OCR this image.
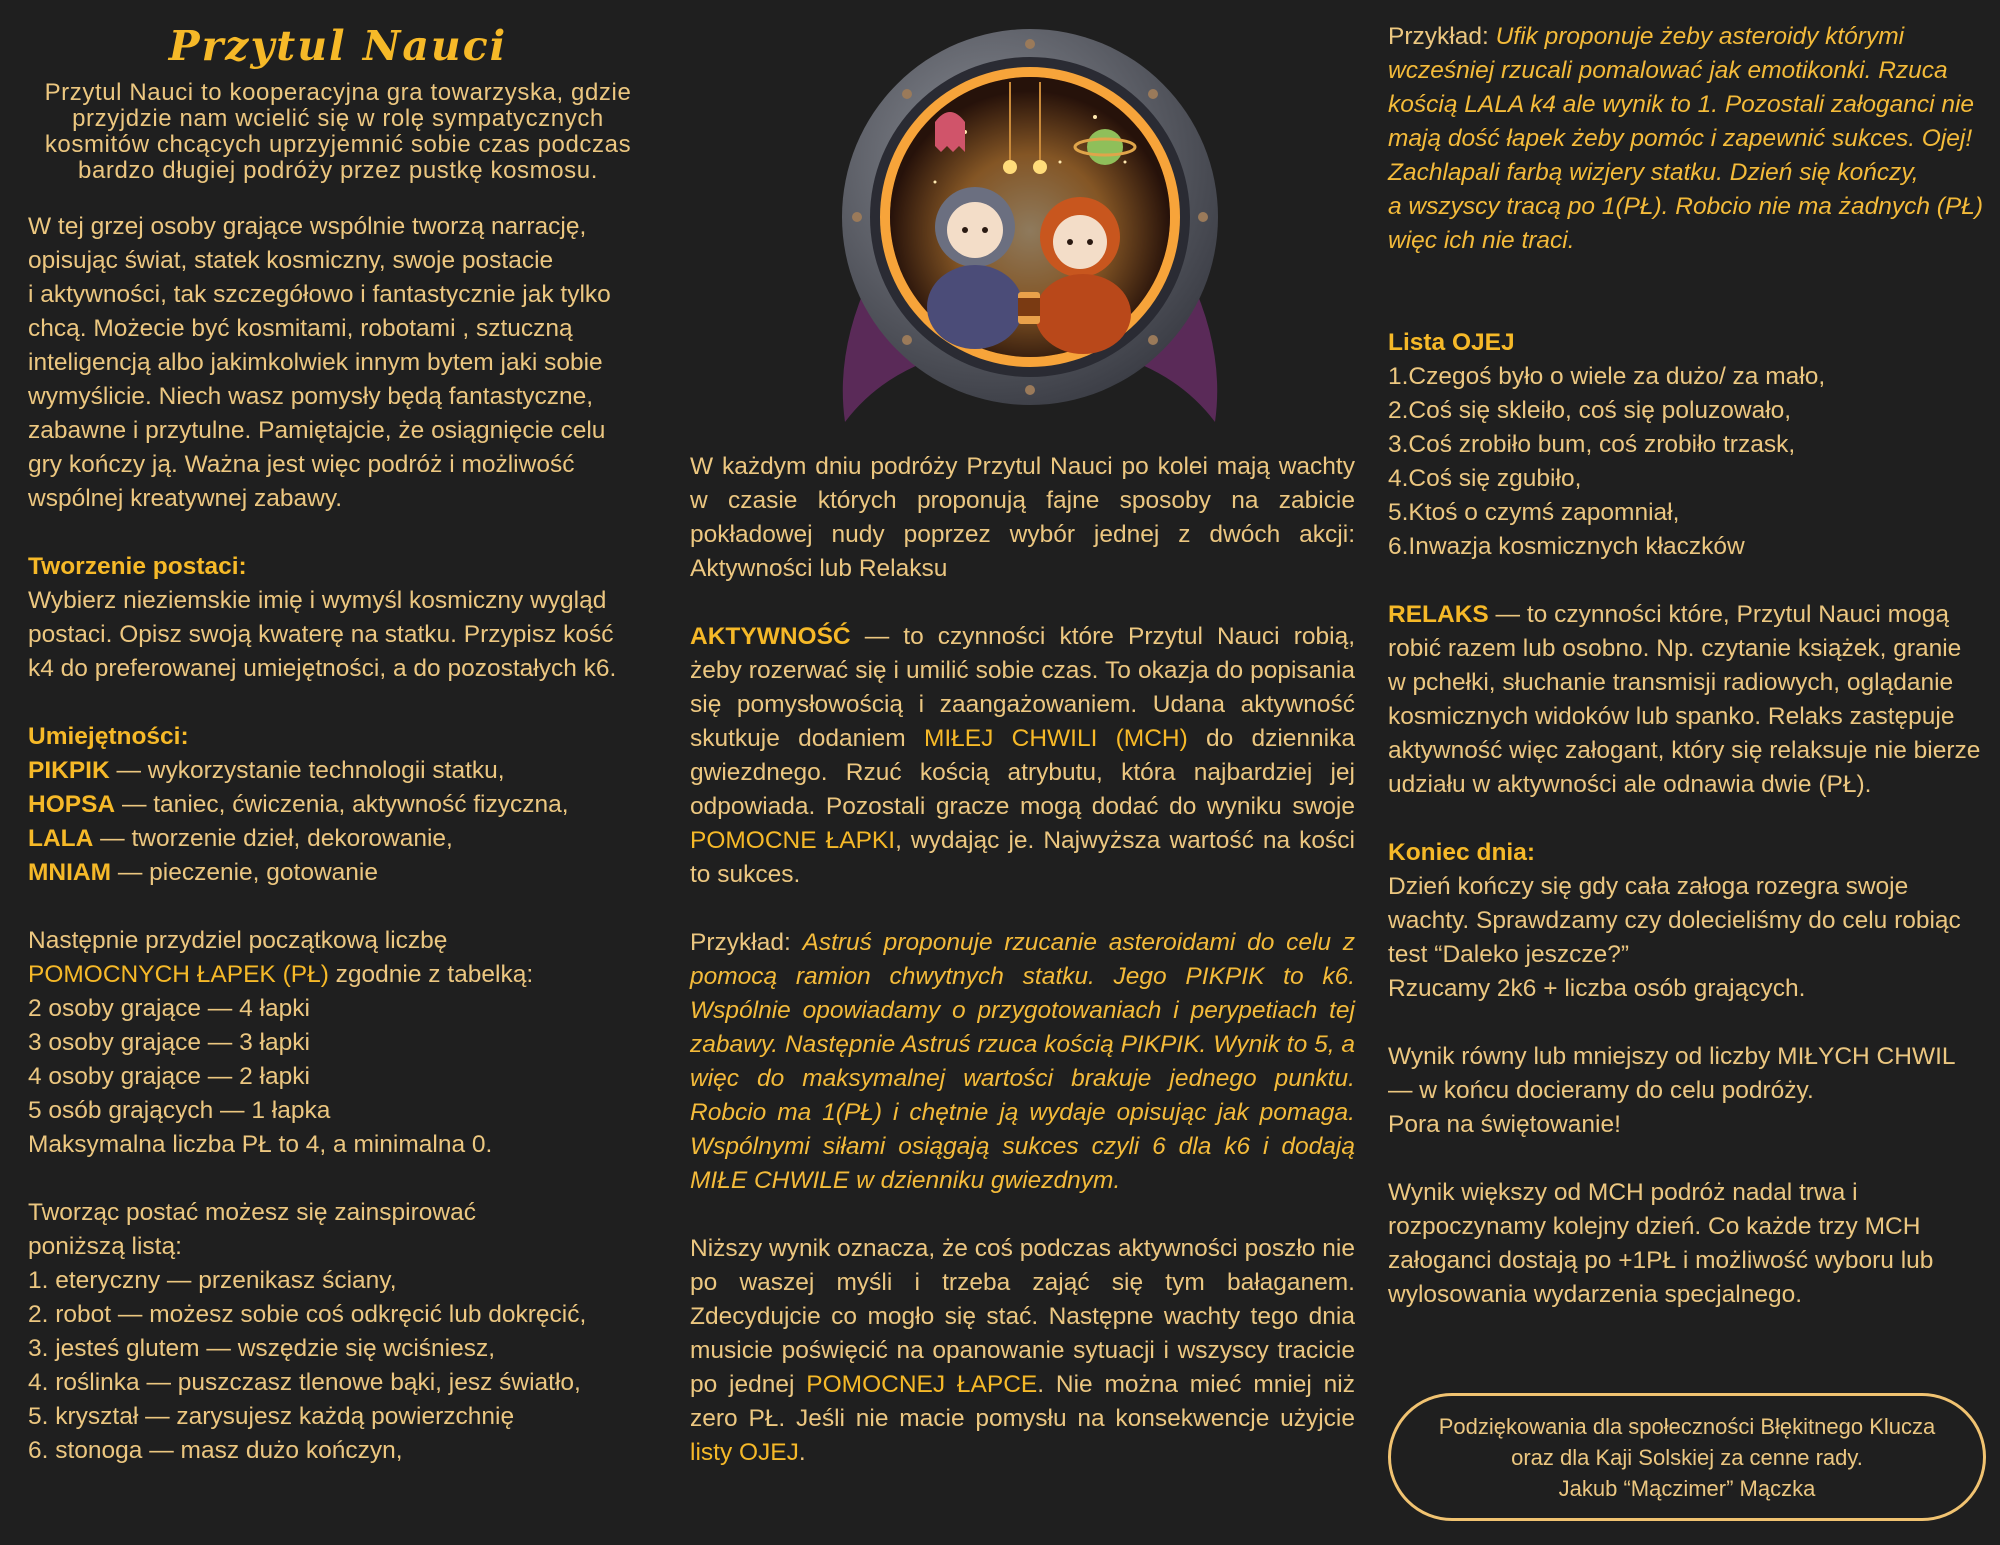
Przytul Nauci
Przytul Nauci to kooperacyjna gra towarzyska, gdzie przyjdzie nam wcielić się w rolę sympatycznych kosmitów chcących uprzyjemnić sobie czas podczas bardzo długiej podróży przez pustkę kosmosu.

W tej grzej osoby grające wspólnie tworzą narrację,

opisując świat, statek kosmiczny, swoje postacie

i aktywności, tak szczegółowo i fantastycznie jak tylko

chcą. Możecie być kosmitami, robotami , sztuczną

inteligencją albo jakimkolwiek innym bytem jaki sobie

wymyślicie. Niech wasz pomysły będą fantastyczne,

zabawne i przytulne. Pamiętajcie, że osiągnięcie celu

gry kończy ją. Ważna jest więc podróż i możliwość

wspólnej kreatywnej zabawy.

Tworzenie postaci:

Wybierz nieziemskie imię i wymyśl kosmiczny wygląd

postaci. Opisz swoją kwaterę na statku. Przypisz kość

k4 do preferowanej umiejętności, a do pozostałych k6.

Umiejętności:

PIKPIK — wykorzystanie technologii statku,

HOPSA — taniec, ćwiczenia, aktywność fizyczna,

LALA — tworzenie dzieł, dekorowanie,

MNIAM — pieczenie, gotowanie

Następnie przydziel początkową liczbę

POMOCNYCH ŁAPEK (PŁ) zgodnie z tabelką:

2 osoby grające — 4 łapki

3 osoby grające — 3 łapki

4 osoby grające — 2 łapki

5 osób grających — 1 łapka

Maksymalna liczba PŁ to 4, a minimalna 0.

Tworząc postać możesz się zainspirować

poniższą listą:

1. eteryczny — przenikasz ściany,

2. robot — możesz sobie coś odkręcić lub dokręcić,

3. jesteś glutem — wszędzie się wciśniesz,

4. roślinka — puszczasz tlenowe bąki, jesz światło,

5. kryształ — zarysujesz każdą powierzchnię

6. stonoga — masz dużo kończyn,

W każdym dniu podróży Przytul Nauci po kolei mają wachty w czasie których proponują fajne sposoby na zabicie pokładowej nudy poprzez wybór jednej z dwóch akcji: Aktywności lub Relaksu

AKTYWNOŚĆ — to czynności które Przytul Nauci robią, żeby rozerwać się i umilić sobie czas. To okazja do popisania się pomysłowością i zaangażowaniem. Udana aktywność skutkuje dodaniem MIŁEJ CHWILI (MCH) do dziennika gwiezdnego. Rzuć kością atrybutu, która najbardziej jej odpowiada. Pozostali gracze mogą dodać do wyniku swoje POMOCNE ŁAPKI, wydając je. Najwyższa wartość na kości to sukces.

Przykład: Astruś proponuje rzucanie asteroidami do celu z pomocą ramion chwytnych statku. Jego PIKPIK to k6. Wspólnie opowiadamy o przygotowaniach i perypetiach tej zabawy. Następnie Astruś rzuca kością PIKPIK. Wynik to 5, a więc do maksymalnej wartości brakuje jednego punktu. Robcio ma 1(PŁ) i chętnie ją wydaje opisując jak pomaga. Wspólnymi siłami osiągają sukces czyli 6 dla k6 i dodają MIŁE CHWILE w dzienniku gwiezdnym.

Niższy wynik oznacza, że coś podczas aktywności poszło nie po waszej myśli i trzeba zająć się tym bałaganem. Zdecydujcie co mogło się stać. Następne wachty tego dnia musicie poświęcić na opanowanie sytuacji i wszyscy tracicie po jednej POMOCNEJ ŁAPCE. Nie można mieć mniej niż zero PŁ. Jeśli nie macie pomysłu na konsekwencje użyjcie listy OJEJ.

Przykład: Ufik proponuje żeby asteroidy którymi

wcześniej rzucali pomalować jak emotikonki. Rzuca

kością LALA k4 ale wynik to 1. Pozostali załoganci nie

mają dość łapek żeby pomóc i zapewnić sukces. Ojej!

Zachlapali farbą wizjery statku. Dzień się kończy,

a wszyscy tracą po 1(PŁ). Robcio nie ma żadnych (PŁ)

więc ich nie traci.

Lista OJEJ

1.Czegoś było o wiele za dużo/ za mało,

2.Coś się skleiło, coś się poluzowało,

3.Coś zrobiło bum, coś zrobiło trzask,

4.Coś się zgubiło,

5.Ktoś o czymś zapomniał,

6.Inwazja kosmicznych kłaczków

RELAKS — to czynności które, Przytul Nauci mogą

robić razem lub osobno. Np. czytanie książek, granie

w pchełki, słuchanie transmisji radiowych, oglądanie

kosmicznych widoków lub spanko. Relaks zastępuje

aktywność więc załogant, który się relaksuje nie bierze

udziału w aktywności ale odnawia dwie (PŁ).

Koniec dnia:

Dzień kończy się gdy cała załoga rozegra swoje

wachty. Sprawdzamy czy dolecieliśmy do celu robiąc

test “Daleko jeszcze?”

Rzucamy 2k6 + liczba osób grających.

Wynik równy lub mniejszy od liczby MIŁYCH CHWIL

— w końcu docieramy do celu podróży.

Pora na świętowanie!

Wynik większy od MCH podróż nadal trwa i

rozpoczynamy kolejny dzień. Co każde trzy MCH

załoganci dostają po +1PŁ i możliwość wyboru lub

wylosowania wydarzenia specjalnego.

Podziękowania dla społeczności Błękitnego Klucza
oraz dla Kaji Solskiej za cenne rady.
Jakub “Mączimer” Mączka
